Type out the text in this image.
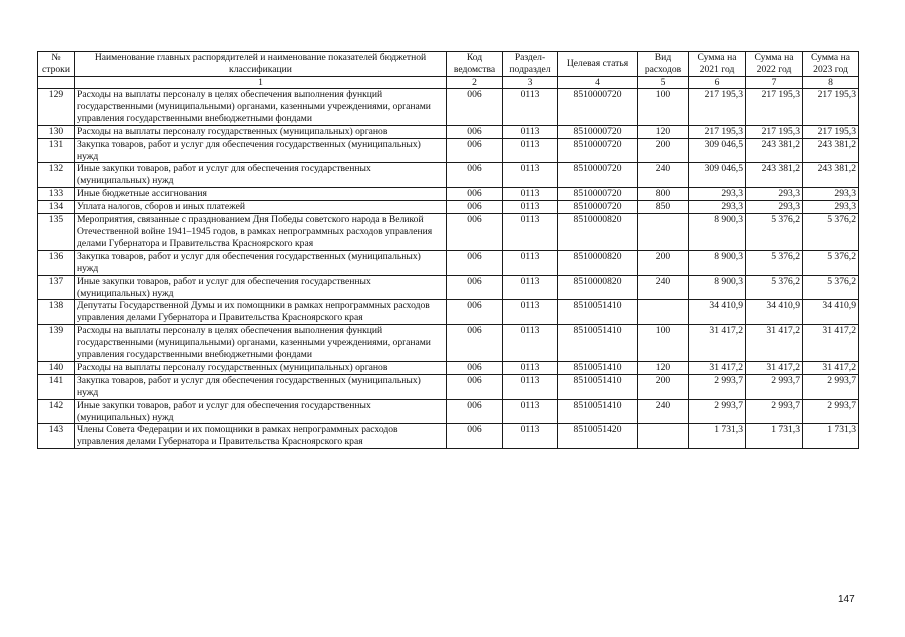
№ строки	Наименование главных распорядителей и наименование показателей бюджетной классификации	Код ведомства	Раздел-подраздел	Целевая статья	Вид расходов	Сумма на 2021 год	Сумма на 2022 год	Сумма на 2023 год
	1	2	3	4	5	6	7	8
129	Расходы на выплаты персоналу в целях обеспечения выполнения функций государственными (муниципальными) органами, казенными учреждениями, органами управления государственными внебюджетными фондами	006	0113	8510000720	100	217 195,3	217 195,3	217 195,3
130	Расходы на выплаты персоналу государственных (муниципальных) органов	006	0113	8510000720	120	217 195,3	217 195,3	217 195,3
131	Закупка товаров, работ и услуг для обеспечения государственных (муниципальных) нужд	006	0113	8510000720	200	309 046,5	243 381,2	243 381,2
132	Иные закупки товаров, работ и услуг для обеспечения государственных (муниципальных) нужд	006	0113	8510000720	240	309 046,5	243 381,2	243 381,2
133	Иные бюджетные ассигнования	006	0113	8510000720	800	293,3	293,3	293,3
134	Уплата налогов, сборов и иных платежей	006	0113	8510000720	850	293,3	293,3	293,3
135	Мероприятия, связанные с празднованием Дня Победы советского народа в Великой Отечественной войне 1941–1945 годов, в рамках непрограммных расходов управления делами Губернатора и Правительства Красноярского края	006	0113	8510000820		8 900,3	5 376,2	5 376,2
136	Закупка товаров, работ и услуг для обеспечения государственных (муниципальных) нужд	006	0113	8510000820	200	8 900,3	5 376,2	5 376,2
137	Иные закупки товаров, работ и услуг для обеспечения государственных (муниципальных) нужд	006	0113	8510000820	240	8 900,3	5 376,2	5 376,2
138	Депутаты Государственной Думы и их помощники в рамках непрограммных расходов управления делами Губернатора и Правительства Красноярского края	006	0113	8510051410		34 410,9	34 410,9	34 410,9
139	Расходы на выплаты персоналу в целях обеспечения выполнения функций государственными (муниципальными) органами, казенными учреждениями, органами управления государственными внебюджетными фондами	006	0113	8510051410	100	31 417,2	31 417,2	31 417,2
140	Расходы на выплаты персоналу государственных (муниципальных) органов	006	0113	8510051410	120	31 417,2	31 417,2	31 417,2
141	Закупка товаров, работ и услуг для обеспечения государственных (муниципальных) нужд	006	0113	8510051410	200	2 993,7	2 993,7	2 993,7
142	Иные закупки товаров, работ и услуг для обеспечения государственных (муниципальных) нужд	006	0113	8510051410	240	2 993,7	2 993,7	2 993,7
143	Члены Совета Федерации и их помощники в рамках непрограммных расходов управления делами Губернатора и Правительства Красноярского края	006	0113	8510051420		1 731,3	1 731,3	1 731,3
147
